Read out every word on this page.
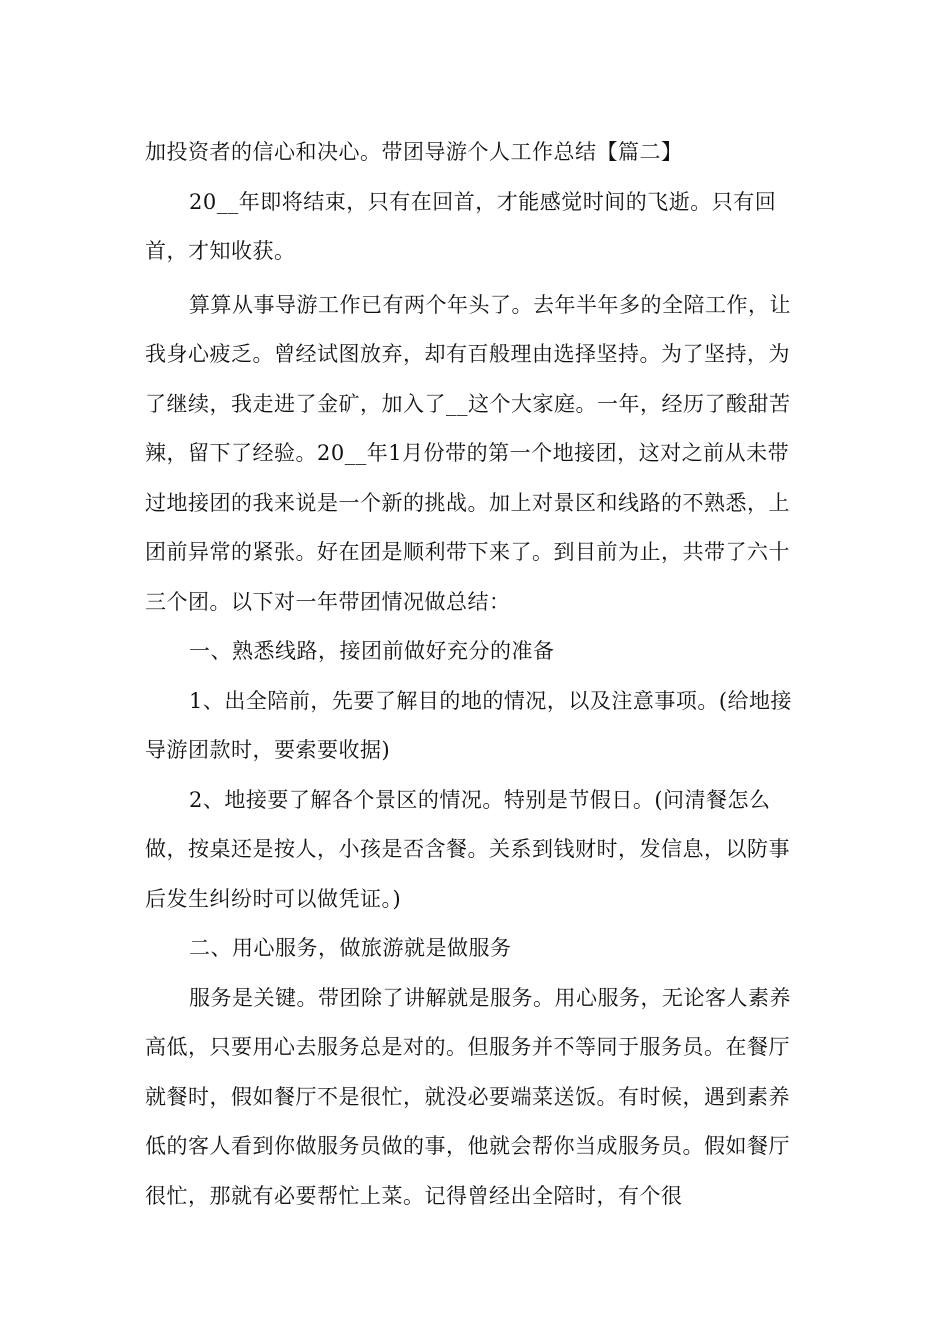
加投资者的信心和决心。带团导游个人工作总结【篇二】

20__年即将结束，只有在回首，才能感觉时间的飞逝。只有回首，才知收获。

算算从事导游工作已有两个年头了。去年半年多的全陪工作，让我身心疲乏。曾经试图放弃，却有百般理由选择坚持。为了坚持，为了继续，我走进了金矿，加入了__这个大家庭。一年，经历了酸甜苦辣，留下了经验。20__年1月份带的第一个地接团，这对之前从未带过地接团的我来说是一个新的挑战。加上对景区和线路的不熟悉，上团前异常的紧张。好在团是顺利带下来了。到目前为止，共带了六十三个团。以下对一年带团情况做总结：

一、熟悉线路，接团前做好充分的准备

1、出全陪前，先要了解目的地的情况，以及注意事项。(给地接导游团款时，要索要收据)

2、地接要了解各个景区的情况。特别是节假日。(问清餐怎么做，按桌还是按人，小孩是否含餐。关系到钱财时，发信息，以防事后发生纠纷时可以做凭证。)

二、用心服务，做旅游就是做服务

服务是关键。带团除了讲解就是服务。用心服务，无论客人素养高低，只要用心去服务总是对的。但服务并不等同于服务员。在餐厅就餐时，假如餐厅不是很忙，就没必要端菜送饭。有时候，遇到素养低的客人看到你做服务员做的事，他就会帮你当成服务员。假如餐厅很忙，那就有必要帮忙上菜。记得曾经出全陪时，有个很
